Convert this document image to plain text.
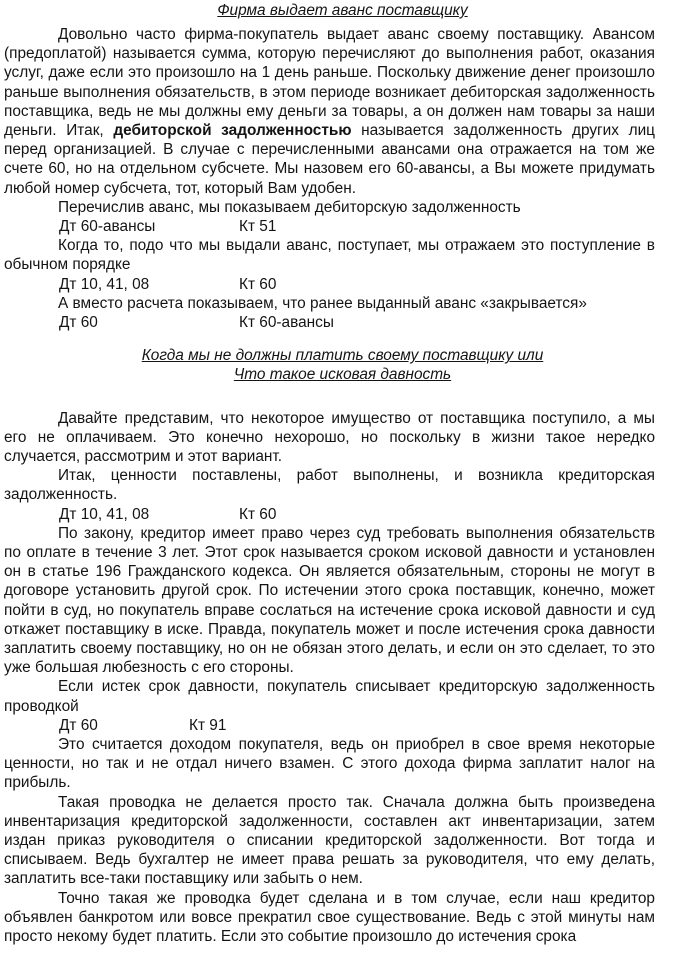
Фирма выдает аванс поставщику

Довольно часто фирма-покупатель выдает аванс своему поставщику. Авансом (предоплатой) называется сумма, которую перечисляют до выполнения работ, оказания услуг, даже если это произошло на 1 день раньше. Поскольку движение денег произошло раньше выполнения обязательств, в этом периоде возникает дебиторская задолженность поставщика, ведь не мы должны ему деньги за товары, а он должен нам товары за наши деньги. Итак, дебиторской задолженностью называется задолженность других лиц перед организацией. В случае с перечисленными авансами она отражается на том же счете 60, но на отдельном субсчете. Мы назовем его 60-авансы, а Вы можете придумать любой номер субсчета, тот, который Вам удобен.

Перечислив аванс, мы показываем дебиторскую задолженность

Дт 60-авансы	Кт 51

Когда то, подо что мы выдали аванс, поступает, мы отражаем это поступление в обычном порядке

Дт 10, 41, 08	Кт 60

А вместо расчета показываем, что ранее выданный аванс «закрывается»

Дт 60	Кт 60-авансы
Когда мы не должны платить своему поставщику или
Что такое исковая давность

Давайте представим, что некоторое имущество от поставщика поступило, а мы его не оплачиваем. Это конечно нехорошо, но поскольку в жизни такое нередко случается, рассмотрим и этот вариант.

Итак, ценности поставлены, работ выполнены, и возникла кредиторская задолженность.

Дт 10, 41, 08	Кт 60

По закону, кредитор имеет право через суд требовать выполнения обязательств по оплате в течение 3 лет. Этот срок называется сроком исковой давности и установлен он в статье 196 Гражданского кодекса. Он является обязательным, стороны не могут в договоре установить другой срок. По истечении этого срока поставщик, конечно, может пойти в суд, но покупатель вправе сослаться на истечение срока исковой давности и суд откажет поставщику в иске. Правда, покупатель может и после истечения срока давности заплатить своему поставщику, но он не обязан этого делать, и если он это сделает, то это уже большая любезность с его стороны.

Если истек срок давности, покупатель списывает кредиторскую задолженность проводкой

Дт 60	Кт 91

Это считается доходом покупателя, ведь он приобрел в свое время некоторые ценности, но так и не отдал ничего взамен. С этого дохода фирма заплатит налог на прибыль.

Такая проводка не делается просто так. Сначала должна быть произведена инвентаризация кредиторской задолженности, составлен акт инвентаризации, затем издан приказ руководителя о списании кредиторской задолженности. Вот тогда и списываем. Ведь бухгалтер не имеет права решать за руководителя, что ему делать, заплатить все-таки поставщику или забыть о нем.

Точно такая же проводка будет сделана и в том случае, если наш кредитор объявлен банкротом или вовсе прекратил свое существование. Ведь с этой минуты нам просто некому будет платить. Если это событие произошло до истечения срока
